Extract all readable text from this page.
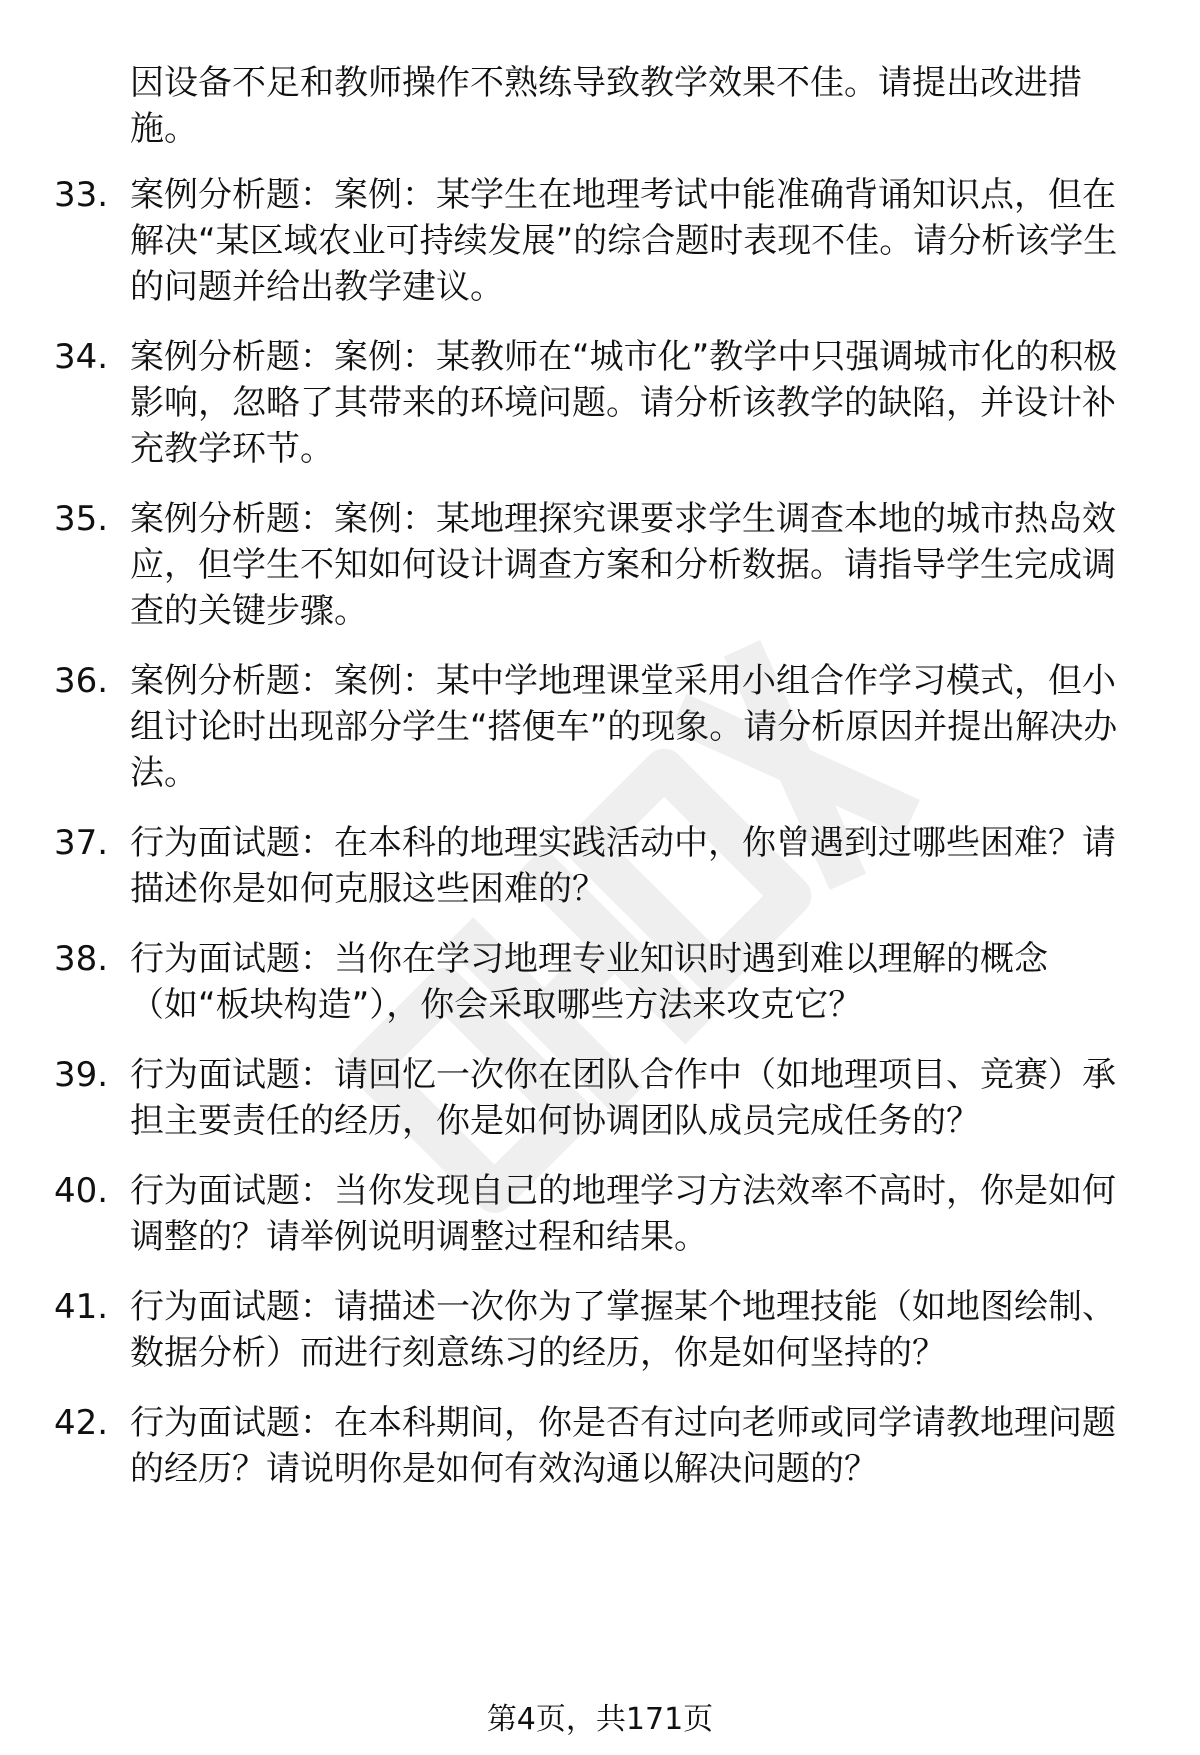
因设备不足和教师操作不熟练导致教学效果不佳。请提出改进措施。

33. 案例分析题：案例：某学生在地理考试中能准确背诵知识点，但在解决“某区域农业可持续发展”的综合题时表现不佳。请分析该学生的问题并给出教学建议。
34. 案例分析题：案例：某教师在“城市化”教学中只强调城市化的积极影响，忽略了其带来的环境问题。请分析该教学的缺陷，并设计补充教学环节。
35. 案例分析题：案例：某地理探究课要求学生调查本地的城市热岛效应，但学生不知如何设计调查方案和分析数据。请指导学生完成调查的关键步骤。
36. 案例分析题：案例：某中学地理课堂采用小组合作学习模式，但小组讨论时出现部分学生“搭便车”的现象。请分析原因并提出解决办法。
37. 行为面试题：在本科的地理实践活动中，你曾遇到过哪些困难？请描述你是如何克服这些困难的？
38. 行为面试题：当你在学习地理专业知识时遇到难以理解的概念（如“板块构造”），你会采取哪些方法来攻克它？
39. 行为面试题：请回忆一次你在团队合作中（如地理项目、竞赛）承担主要责任的经历，你是如何协调团队成员完成任务的？
40. 行为面试题：当你发现自己的地理学习方法效率不高时，你是如何调整的？请举例说明调整过程和结果。
41. 行为面试题：请描述一次你为了掌握某个地理技能（如地图绘制、数据分析）而进行刻意练习的经历，你是如何坚持的？
42. 行为面试题：在本科期间，你是否有过向老师或同学请教地理问题的经历？请说明你是如何有效沟通以解决问题的？
第4页，共171页
